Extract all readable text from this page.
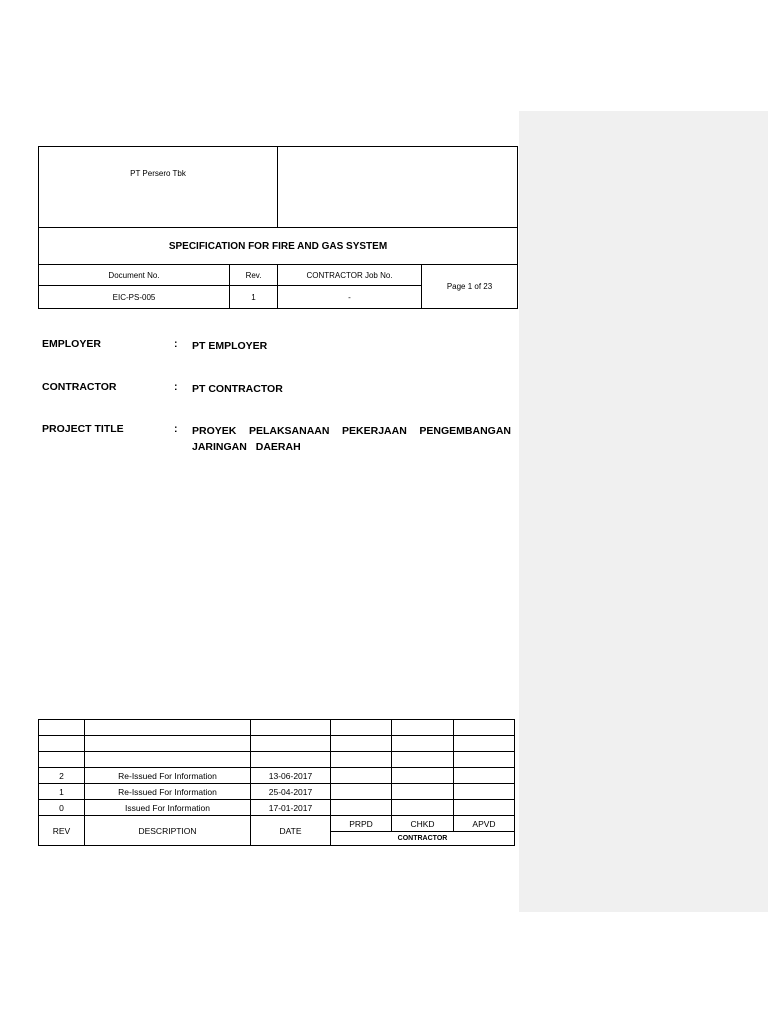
PT Persero Tbk
SPECIFICATION FOR FIRE AND GAS SYSTEM
Document No.	Rev.	CONTRACTOR Job No.
Page 1 of 23
EIC-PS-005	1	-
EMPLOYER	: PT EMPLOYER
CONTRACTOR	: PT CONTRACTOR
PROJECT TITLE	: PROYEK PELAKSANAAN PEKERJAAN PENGEMBANGAN JARINGAN DAERAH

2	Re-Issued For Information	13-06-2017			
1	Re-Issued For Information	25-04-2017			
0	Issued For Information	17-01-2017			
REV	DESCRIPTION	DATE	PRPD	CHKD	APVD
			CONTRACTOR		
